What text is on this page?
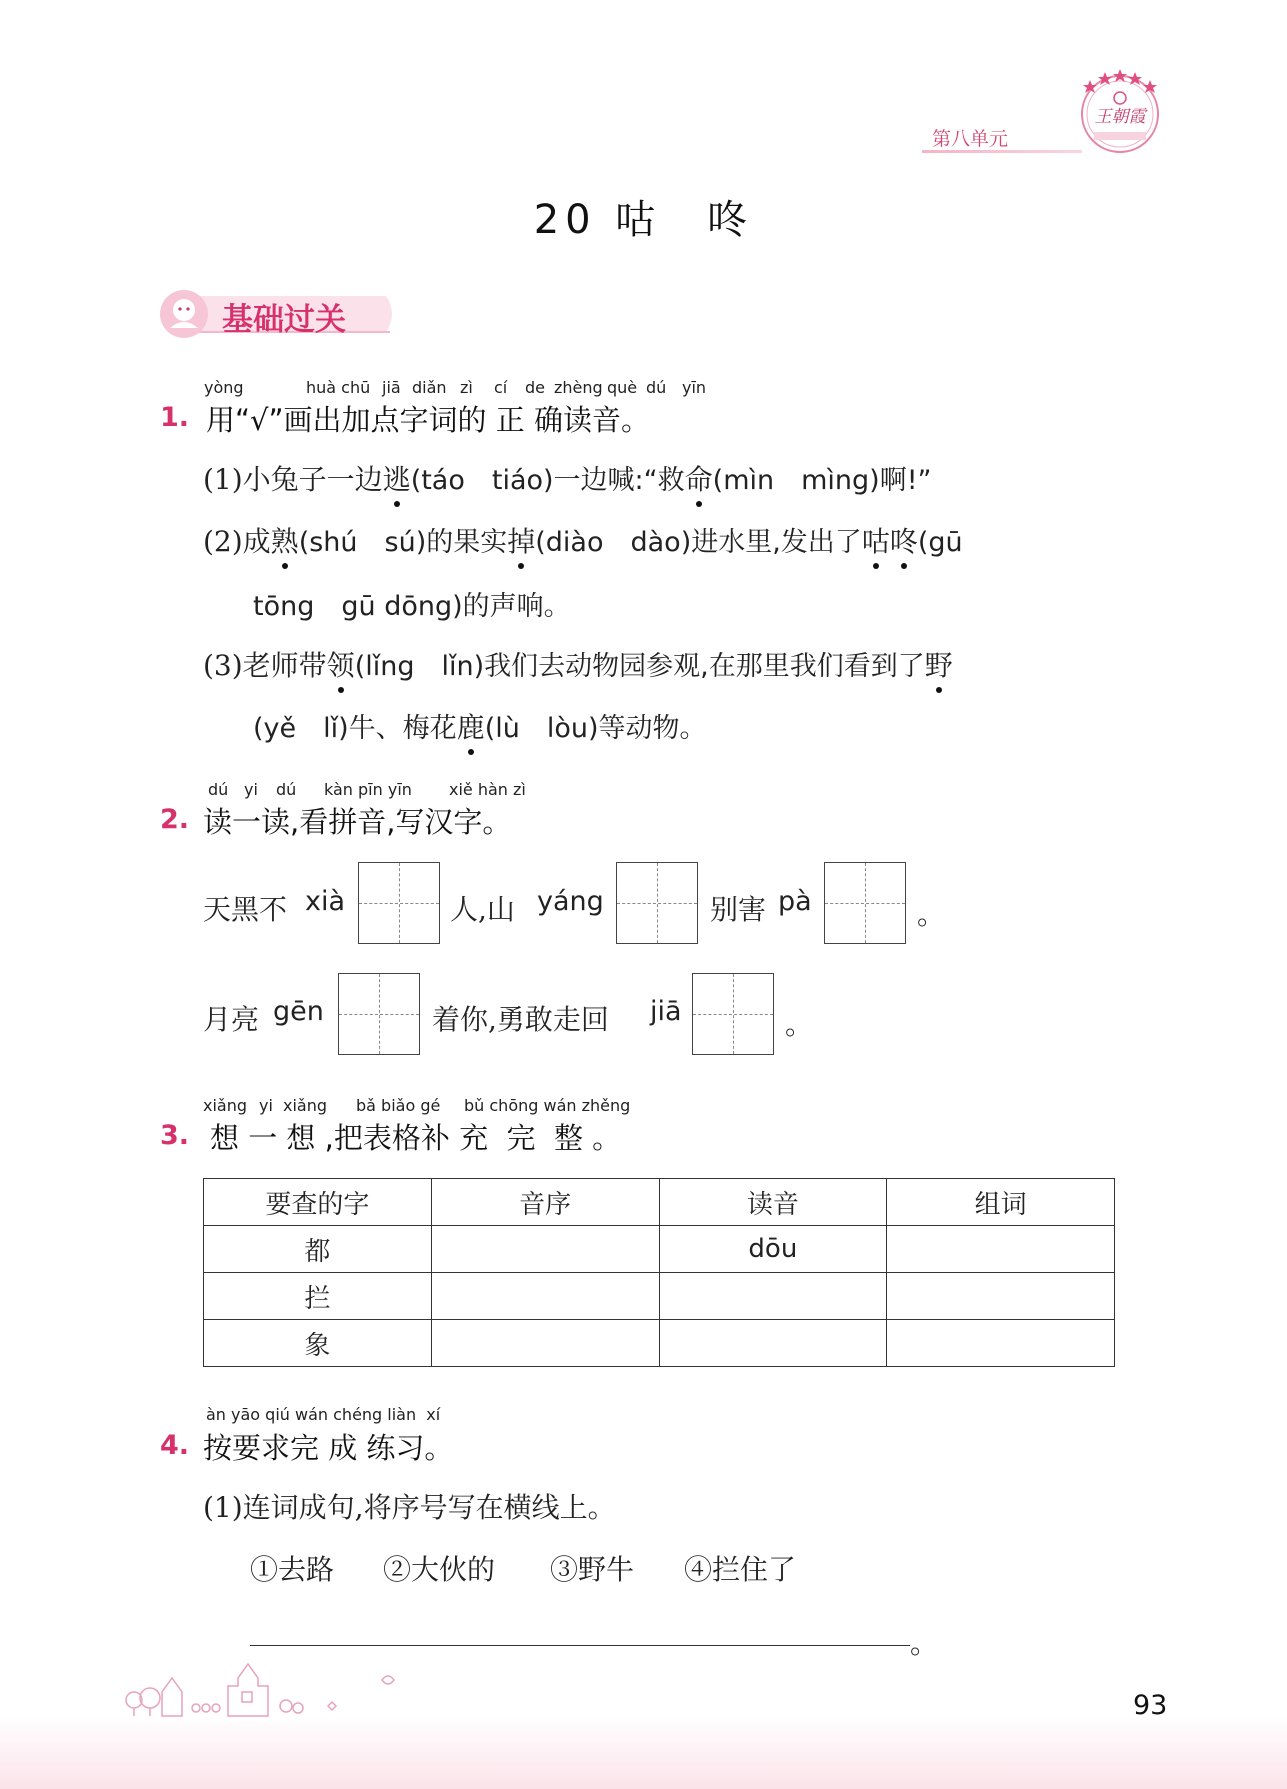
第八单元
王朝霞
20 咕　咚
基础过关
yòng	huà chū jiā diǎn zì cí de zhèng què dú yīn
1. 用“√”画出加点字词的 正 确读音。
(1)小兔子一边逃
(táo　tiáo)一边喊:“救命
(mìn　mìng)啊!”
(2)成熟
(shú　sú)的果实掉
(diào　dào)进水里,发出了咕咚
(gū
tōng　gū dōng)的声响。
(3)老师带领
(lǐng　lǐn)我们去动物园参观,在那里我们看到了野
(yě　lǐ)牛、梅花鹿
(lù　lòu)等动物。
dú yi dú kàn pīn yīn xiě hàn zì
2. 读一读,看拼音,写汉字。
天黑不 xià	人,山 yáng	别害 pà	。
月亮 gēn	着你,勇敢走回 jiā	。
xiǎng yi xiǎng bǎ biǎo gé bǔ chōng wán zhěng
3. 想 一 想 ,把表格补 充  完  整 。
要查的字	音序	读音	组词
都		dōu	
拦			
象			
àn yāo qiú wán chéng liàn  xí
4. 按要求完 成 练习。
(1)连词成句,将序号写在横线上。
①去路 ②大伙的 ③野牛 ④拦住了
。
93
